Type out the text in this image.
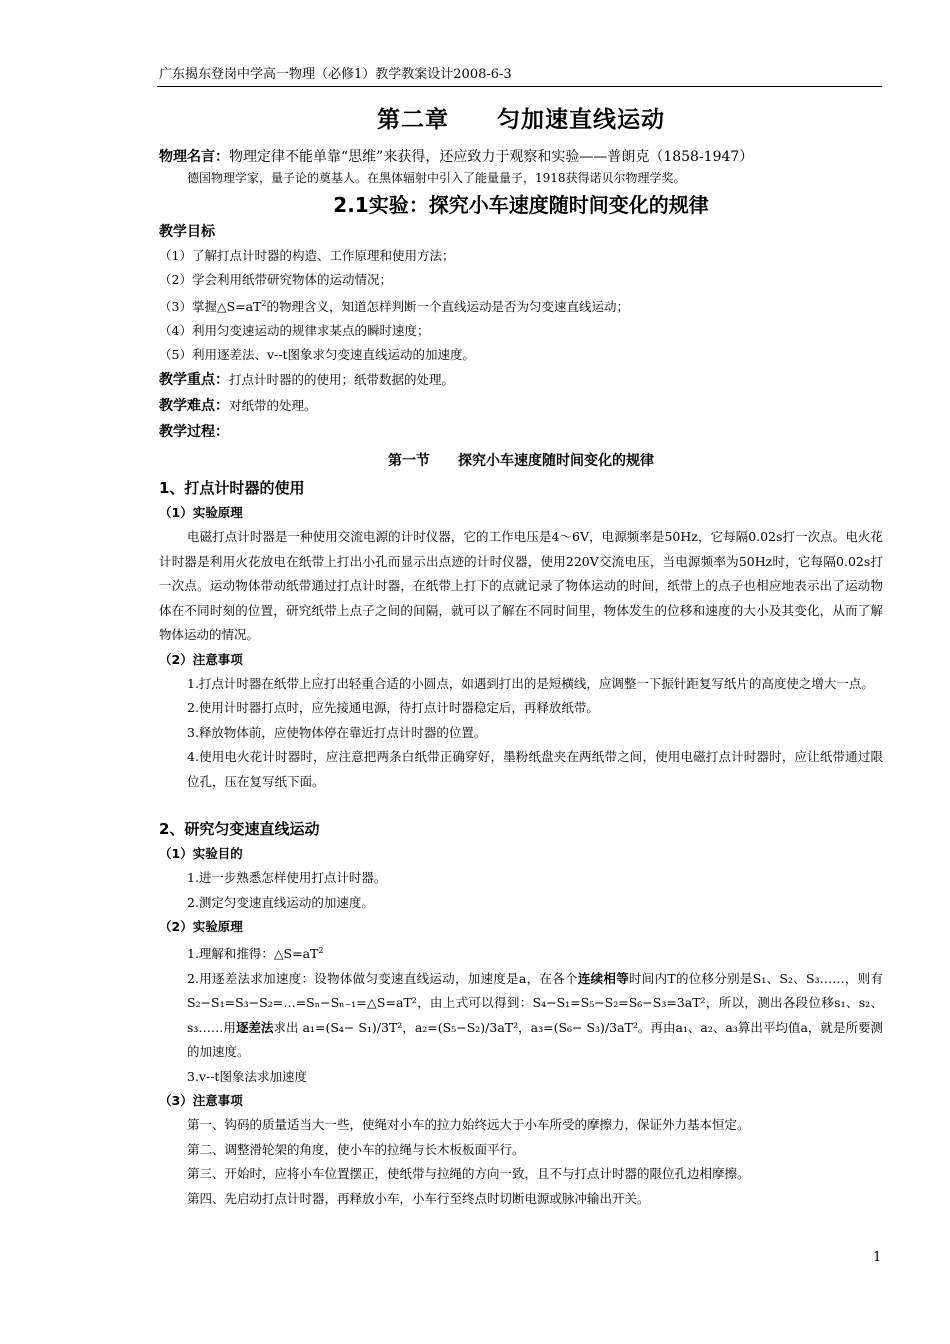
广东揭东登岗中学高一物理（必修1）教学教案设计2008-6-3
第二章　　匀加速直线运动

物理名言：物理定律不能单靠“思维”来获得，还应致力于观察和实验——普朗克（1858-1947）

德国物理学家，量子论的奠基人。在黑体辐射中引入了能量量子，1918获得诺贝尔物理学奖。

2.1实验：探究小车速度随时间变化的规律

教学目标

（1）了解打点计时器的构造、工作原理和使用方法；

（2）学会利用纸带研究物体的运动情况；

（3）掌握$\triangle S=aT^2$的物理含义，知道怎样判断一个直线运动是否为匀变速直线运动；

（4）利用匀变速运动的规律求某点的瞬时速度；

（5）利用逐差法、v--t图象求匀变速直线运动的加速度。

教学重点：打点计时器的的使用；纸带数据的处理。

教学难点：对纸带的处理。

教学过程：

第一节　　探究小车速度随时间变化的规律

1、打点计时器的使用

（1）实验原理

电磁打点计时器是一种使用交流电源的计时仪器，它的工作电压是4～6V，电源频率是50Hz，它每隔0.02s打一次点。电火花计时器是利用火花放电在纸带上打出小孔而显示出点迹的计时仪器，使用220V交流电压，当电源频率为50Hz时，它每隔0.02s打一次点。运动物体带动纸带通过打点计时器，在纸带上打下的点就记录了物体运动的时间，纸带上的点子也相应地表示出了运动物体在不同时刻的位置，研究纸带上点子之间的间隔，就可以了解在不同时间里，物体发生的位移和速度的大小及其变化，从而了解物体运动的情况。

（2）注意事项

1.打点计时器在纸带上应打出轻重合适的小圆点，如遇到打出的是短横线，应调整一下振针距复写纸片的高度使之增大一点。

2.使用计时器打点时，应先接通电源，待打点计时器稳定后，再释放纸带。

3.释放物体前，应使物体停在靠近打点计时器的位置。

4.使用电火花计时器时，应注意把两条白纸带正确穿好，墨粉纸盘夹在两纸带之间，使用电磁打点计时器时，应让纸带通过限位孔，压在复写纸下面。

2、研究匀变速直线运动

（1）实验目的

1.进一步熟悉怎样使用打点计时器。

2.测定匀变速直线运动的加速度。

（2）实验原理

1.理解和推得：$\triangle S=aT^2$

2.用逐差法求加速度：设物体做匀变速直线运动，加速度是a，在各个连续相等时间内T的位移分别是S₁、S₂、S₃……，则有 S₂−S₁=S₃−S₂=…=Sₙ−Sₙ₋₁=△S=aT²，由上式可以得到：S₄−S₁=S₅−S₂=S₆−S₃=3aT²，所以，测出各段位移s₁、s₂、s₃……用逐差法求出 a₁=(S₄− S₁)/3T²，a₂=(S₅−S₂)/3aT²，a₃=(S₆− S₃)/3aT²。再由a₁、a₂、a₃算出平均值a，就是所要测的加速度。

3.v--t图象法求加速度

（3）注意事项

第一、钩码的质量适当大一些，使绳对小车的拉力始终远大于小车所受的摩擦力，保证外力基本恒定。

第二、调整滑轮架的角度，使小车的拉绳与长木板板面平行。

第三、开始时，应将小车位置摆正，使纸带与拉绳的方向一致，且不与打点计时器的限位孔边相摩擦。

第四、先启动打点计时器，再释放小车，小车行至终点时切断电源或脉冲输出开关。

1
